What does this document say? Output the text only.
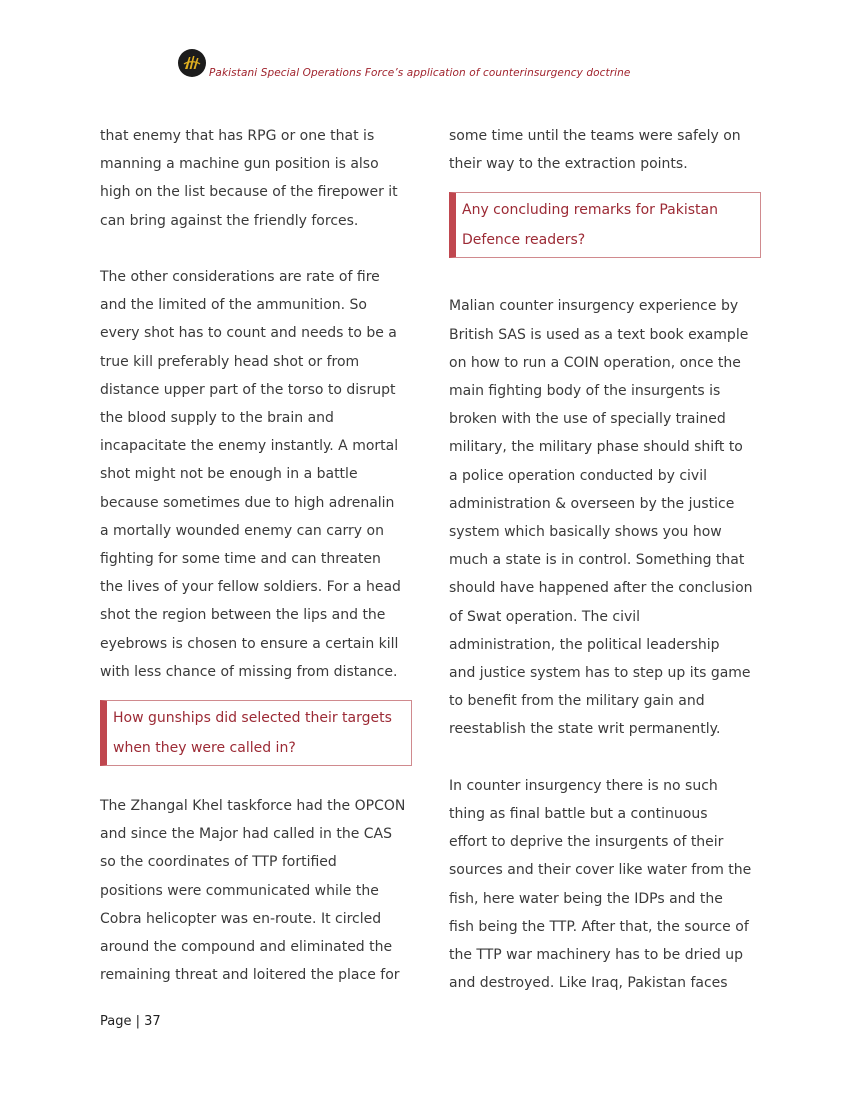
Pakistani Special Operations Force’s application of counterinsurgency doctrine

that enemy that has RPG or one that is

manning a machine gun position is also

high on the list because of the firepower it

can bring against the friendly forces.

The other considerations are rate of fire

and the limited of the ammunition. So

every shot has to count and needs to be a

true kill preferably head shot or from

distance upper part of the torso to disrupt

the blood supply to the brain and

incapacitate the enemy instantly. A mortal

shot might not be enough in a battle

because sometimes due to high adrenalin

a mortally wounded enemy can carry on

fighting for some time and can threaten

the lives of your fellow soldiers. For a head

shot the region between the lips and the

eyebrows is chosen to ensure a certain kill

with less chance of missing from distance.

How gunships did selected their targets
when they were called in?

The Zhangal Khel taskforce had the OPCON

and since the Major had called in the CAS

so the coordinates of TTP fortified

positions were communicated while the

Cobra helicopter was en-route. It circled

around the compound and eliminated the

remaining threat and loitered the place for

some time until the teams were safely on

their way to the extraction points.

Any concluding remarks for Pakistan
Defence readers?

Malian counter insurgency experience by

British SAS is used as a text book example

on how to run a COIN operation, once the

main fighting body of the insurgents is

broken with the use of specially trained

military, the military phase should shift to

a police operation conducted by civil

administration & overseen by the justice

system which basically shows you how

much a state is in control. Something that

should have happened after the conclusion

of Swat operation. The civil

administration, the political leadership

and justice system has to step up its game

to benefit from the military gain and

reestablish the state writ permanently.

In counter insurgency there is no such

thing as final battle but a continuous

effort to deprive the insurgents of their

sources and their cover like water from the

fish, here water being the IDPs and the

fish being the TTP. After that, the source of

the TTP war machinery has to be dried up

and destroyed. Like Iraq, Pakistan faces

Page | 37
